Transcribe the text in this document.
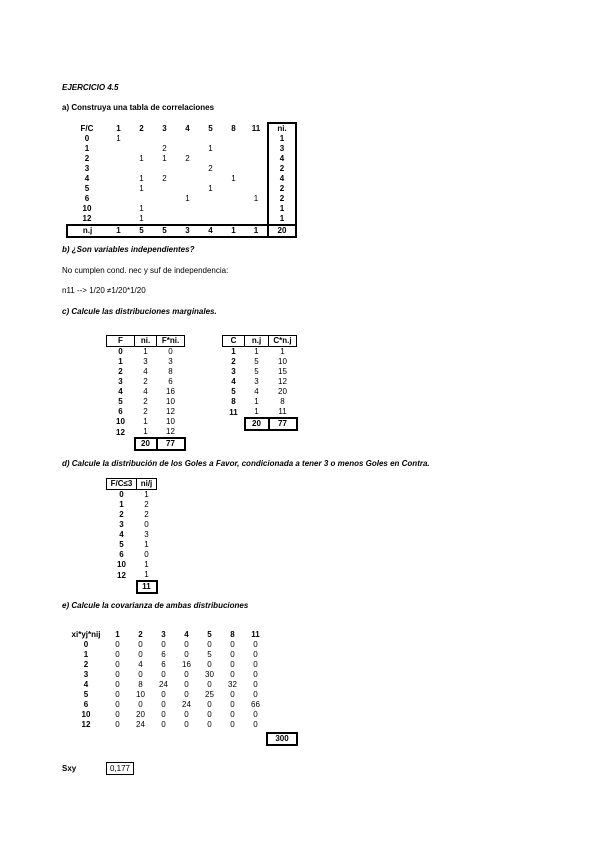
EJERCICIO 4.5
a) Construya una tabla de correlaciones
F/C	1	2	3	4	5	8	11	ni.
0	1							1
1			2		1			3
2		1	1	2				4
3					2			2
4		1	2			1		4
5		1			1			2
6				1			1	2
10		1						1
12		1						1
n.j	1	5	5	3	4	1	1	20
b) ¿Son variables independientes?
No cumplen cond. nec y suf de independencia:
n11 --> 1/20 ≠1/20*1/20
c) Calcule las distribuciones marginales.
F	ni.	F*ni.
0	1	0
1	3	3
2	4	8
3	2	6
4	4	16
5	2	10
6	2	12
10	1	10
12	1	12
	20	77
C	n.j	C*n.j
1	1	1
2	5	10
3	5	15
4	3	12
5	4	20
8	1	8
11	1	11
	20	77
d) Calcule la distribución de los Goles a Favor, condicionada a tener 3 o menos Goles en Contra.
F/C≤3	ni/j
0	1
1	2
2	2
3	0
4	3
5	1
6	0
10	1
12	1
	11
e) Calcule la covarianza de ambas distribuciones
xi*yj*nij	1	2	3	4	5	8	11	
0	0	0	0	0	0	0	0	
1	0	0	6	0	5	0	0	
2	0	4	6	16	0	0	0	
3	0	0	0	0	30	0	0	
4	0	8	24	0	0	32	0	
5	0	10	0	0	25	0	0	
6	0	0	0	24	0	0	66	
10	0	20	0	0	0	0	0	
12	0	24	0	0	0	0	0	

								300
Sxy	0,177
